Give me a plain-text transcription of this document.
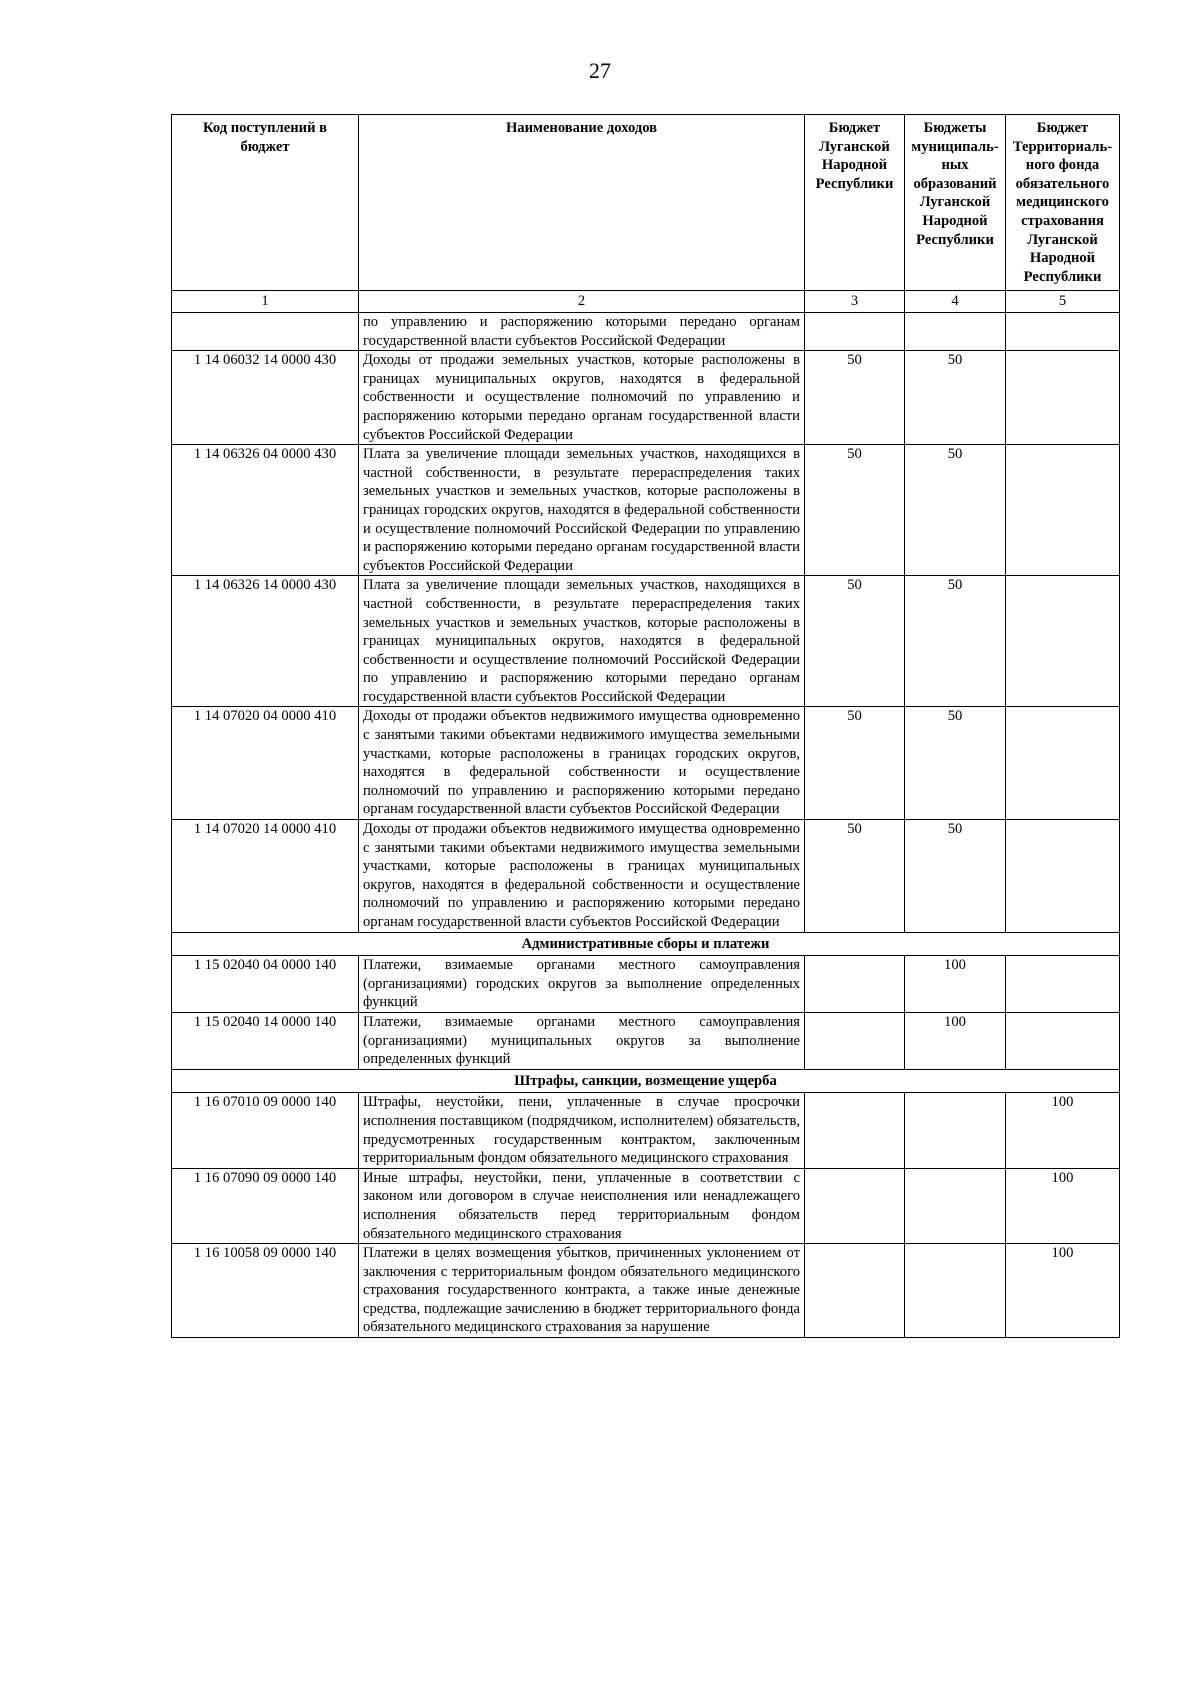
27
Код поступлений в бюджет	Наименование доходов	Бюджет Луганской Народной Республики	Бюджеты муниципаль-ных образований Луганской Народной Республики	Бюджет Территориаль-ного фонда обязательного медицинского страхования Луганской Народной Республики
1	2	3	4	5
	по управлению и распоряжению которыми передано органам государственной власти субъектов Российской Федерации			
1 14 06032 14 0000 430	Доходы от продажи земельных участков, которые расположены в границах муниципальных округов, находятся в федеральной собственности и осуществление полномочий по управлению и распоряжению которыми передано органам государственной власти субъектов Российской Федерации	50	50	
1 14 06326 04 0000 430	Плата за увеличение площади земельных участков, находящихся в частной собственности, в результате перераспределения таких земельных участков и земельных участков, которые расположены в границах городских округов, находятся в федеральной собственности и осуществление полномочий Российской Федерации по управлению и распоряжению которыми передано органам государственной власти субъектов Российской Федерации	50	50	
1 14 06326 14 0000 430	Плата за увеличение площади земельных участков, находящихся в частной собственности, в результате перераспределения таких земельных участков и земельных участков, которые расположены в границах муниципальных округов, находятся в федеральной собственности и осуществление полномочий Российской Федерации по управлению и распоряжению которыми передано органам государственной власти субъектов Российской Федерации	50	50	
1 14 07020 04 0000 410	Доходы от продажи объектов недвижимого имущества одновременно с занятыми такими объектами недвижимого имущества земельными участками, которые расположены в границах городских округов, находятся в федеральной собственности и осуществление полномочий по управлению и распоряжению которыми передано органам государственной власти субъектов Российской Федерации	50	50	
1 14 07020 14 0000 410	Доходы от продажи объектов недвижимого имущества одновременно с занятыми такими объектами недвижимого имущества земельными участками, которые расположены в границах муниципальных округов, находятся в федеральной собственности и осуществление полномочий по управлению и распоряжению которыми передано органам государственной власти субъектов Российской Федерации	50	50	
Административные сборы и платежи				
1 15 02040 04 0000 140	Платежи, взимаемые органами местного самоуправления (организациями) городских округов за выполнение определенных функций		100	
1 15 02040 14 0000 140	Платежи, взимаемые органами местного самоуправления (организациями) муниципальных округов за выполнение определенных функций		100	
Штрафы, санкции, возмещение ущерба				
1 16 07010 09 0000 140	Штрафы, неустойки, пени, уплаченные в случае просрочки исполнения поставщиком (подрядчиком, исполнителем) обязательств, предусмотренных государственным контрактом, заключенным территориальным фондом обязательного медицинского страхования			100
1 16 07090 09 0000 140	Иные штрафы, неустойки, пени, уплаченные в соответствии с законом или договором в случае неисполнения или ненадлежащего исполнения обязательств перед территориальным фондом обязательного медицинского страхования			100
1 16 10058 09 0000 140	Платежи в целях возмещения убытков, причиненных уклонением от заключения с территориальным фондом обязательного медицинского страхования государственного контракта, а также иные денежные средства, подлежащие зачислению в бюджет территориального фонда обязательного медицинского страхования за нарушение			100
